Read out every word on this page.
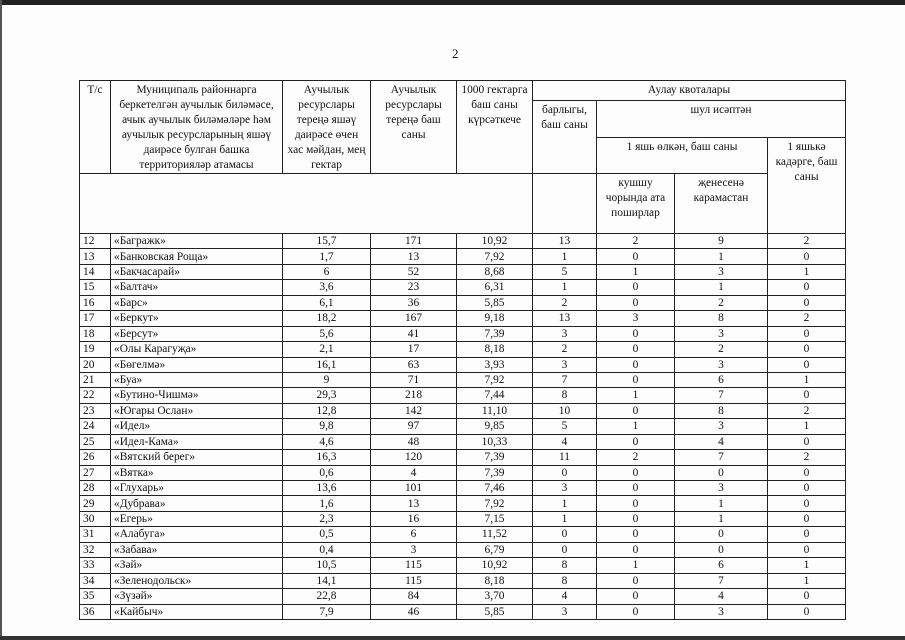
2
Т/с	Муниципаль районнарга беркетелгән аучылык биләмәсе, ачык аучылык биләмәләре һәм аучылык ресурсларының яшәү даирәсе булган башка территорияләр атамасы	Аучылык ресурслары тереңә яшәү даирәсе өчен хас мәйдан, мең гектар	Аучылык ресурслары тереңә баш саны	1000 гектарга баш саны күрсәткече	Аулау квоталары			
					барлыгы, баш саны	шул исәптән		
						1 яшь өлкән, баш саны		1 яшькә кадәрге, баш саны
						кушшу чорында ата поширлар	җенесенә карамастан	
12	«Багражк»	15,7	171	10,92	13	2	9	2
13	«Банковская Роща»	1,7	13	7,92	1	0	1	0
14	«Бакчасарай»	6	52	8,68	5	1	3	1
15	«Балтач»	3,6	23	6,31	1	0	1	0
16	«Барс»	6,1	36	5,85	2	0	2	0
17	«Беркут»	18,2	167	9,18	13	3	8	2
18	«Берсут»	5,6	41	7,39	3	0	3	0
19	«Олы Карагуҗа»	2,1	17	8,18	2	0	2	0
20	«Бөгелмә»	16,1	63	3,93	3	0	3	0
21	«Буа»	9	71	7,92	7	0	6	1
22	«Бутино-Чишмә»	29,3	218	7,44	8	1	7	0
23	«Югары Ослан»	12,8	142	11,10	10	0	8	2
24	«Идел»	9,8	97	9,85	5	1	3	1
25	«Идел-Кама»	4,6	48	10,33	4	0	4	0
26	«Вятский берег»	16,3	120	7,39	11	2	7	2
27	«Вятка»	0,6	4	7,39	0	0	0	0
28	«Глухарь»	13,6	101	7,46	3	0	3	0
29	«Дубрава»	1,6	13	7,92	1	0	1	0
30	«Егерь»	2,3	16	7,15	1	0	1	0
31	«Алабуга»	0,5	6	11,52	0	0	0	0
32	«Забава»	0,4	3	6,79	0	0	0	0
33	«Зәй»	10,5	115	10,92	8	1	6	1
34	«Зеленодольск»	14,1	115	8,18	8	0	7	1
35	«Зүзәй»	22,8	84	3,70	4	0	4	0
36	«Кайбыч»	7,9	46	5,85	3	0	3	0
